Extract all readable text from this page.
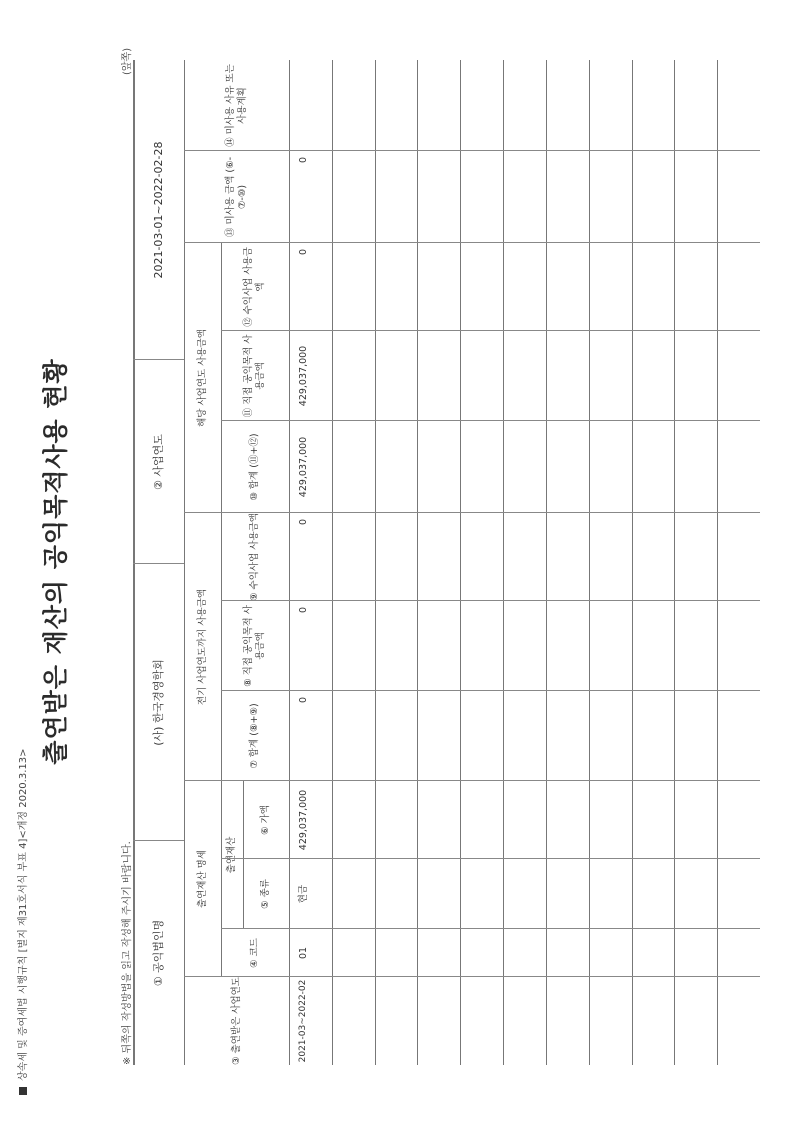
상속세 및 증여세법 시행규칙 [별지 제31호서식 부표 4]<개정 2020.3.13>
출연받은 재산의 공익목적사용 현황
※ 뒤쪽의 작성방법을 읽고 작성해 주시기 바랍니다.
(앞쪽)
① 공익법인명
(사) 한국경영학회
② 사업연도
2021-03-01~2022-02-28
③ 출연받은 사업연도
출연재산 명세
④ 코드
출연재산
⑤ 종류
⑥ 가액
전기 사업연도까지 사용금액
⑦ 합계 (⑧+⑨)
⑧ 직접 공익목적 사용금액
⑨ 수익사업 사용금액
해당 사업연도 사용금액
⑩ 합계 (⑪+⑫)
⑪ 직접 공익목적 사용금액
⑫ 수익사업 사용금액
⑬ 미사용 금액 (⑥-⑦-⑩)
⑭ 미사용 사유 또는 사용계획
2021-03~2022-02
01
현금
429,037,000
0
0
0
429,037,000
429,037,000
0
0
